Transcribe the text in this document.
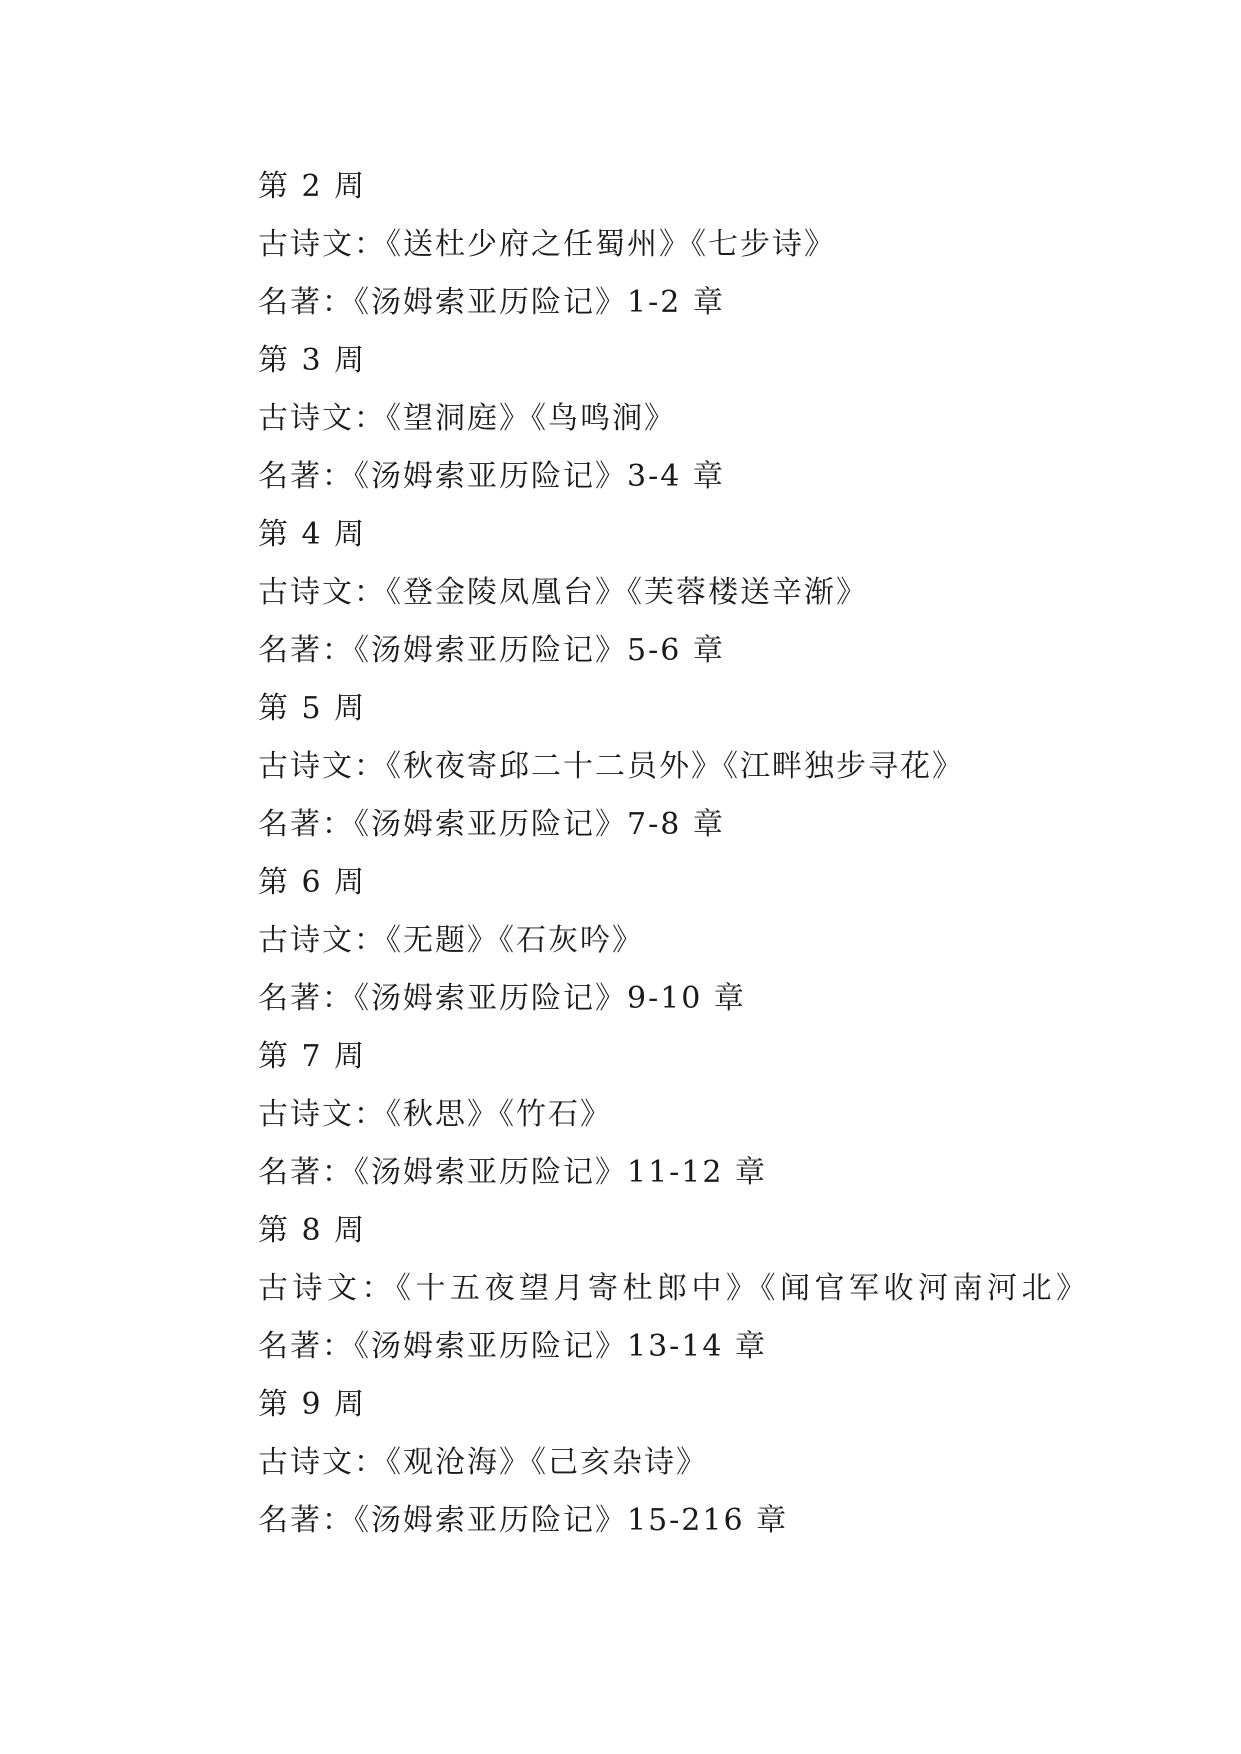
第 2 周
古诗文：《送杜少府之任蜀州》《七步诗》
名著：《汤姆索亚历险记》1-2 章
第 3 周
古诗文：《望洞庭》《鸟鸣涧》
名著：《汤姆索亚历险记》3-4 章
第 4 周
古诗文：《登金陵凤凰台》《芙蓉楼送辛渐》
名著：《汤姆索亚历险记》5-6 章
第 5 周
古诗文：《秋夜寄邱二十二员外》《江畔独步寻花》
名著：《汤姆索亚历险记》7-8 章
第 6 周
古诗文：《无题》《石灰吟》
名著：《汤姆索亚历险记》9-10 章
第 7 周
古诗文：《秋思》《竹石》
名著：《汤姆索亚历险记》11-12 章
第 8 周
古诗文：《十五夜望月寄杜郎中》《闻官军收河南河北》
名著：《汤姆索亚历险记》13-14 章
第 9 周
古诗文：《观沧海》《己亥杂诗》
名著：《汤姆索亚历险记》15-216 章
